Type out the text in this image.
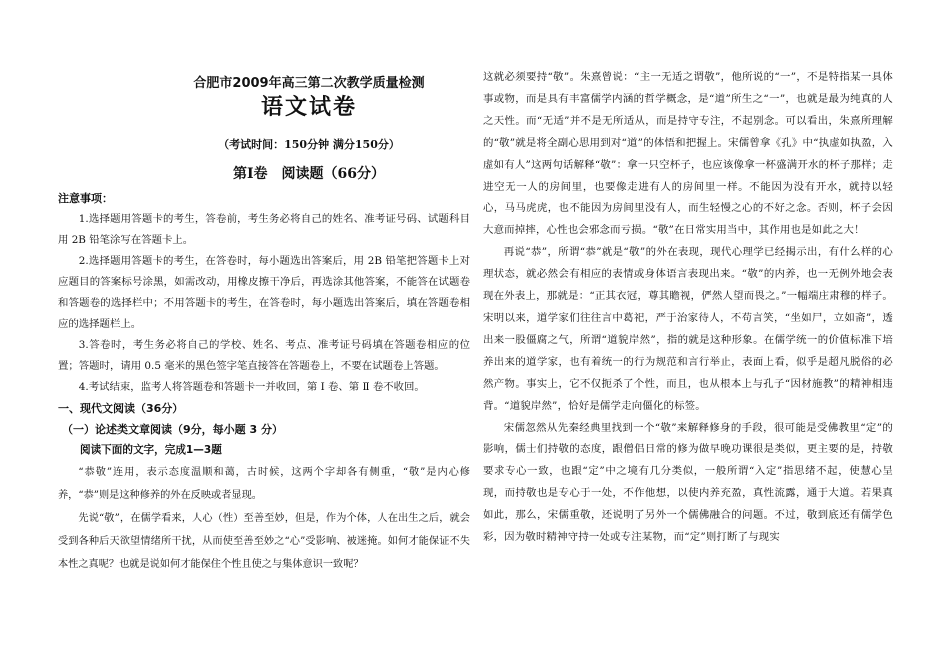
合肥市2009年高三第二次教学质量检测
语文试卷
（考试时间：150分钟 满分150分）
第Ⅰ卷　阅读题（66分）
注意事项：

1.选择题用答题卡的考生，答卷前，考生务必将自己的姓名、准考证号码、试题科目用 2B 铅笔涂写在答题卡上。

2.选择题用答题卡的考生，在答卷时，每小题选出答案后，用 2B 铅笔把答题卡上对应题目的答案标号涂黑，如需改动，用橡皮擦干净后，再选涂其他答案，不能答在试题卷和答题卷的选择栏中；不用答题卡的考生，在答卷时，每小题选出答案后，填在答题卷相应的选择题栏上。

3.答卷时，考生务必将自己的学校、姓名、考点、准考证号码填在答题卷相应的位置；答题时，请用 0.5 毫米的黑色签字笔直接答在答题卷上，不要在试题卷上答题。

4.考试结束，监考人将答题卷和答题卡一并收回，第 Ⅰ 卷、第 Ⅱ 卷不收回。

一、现代文阅读（36分）

（一）论述类文章阅读（9分，每小题 3 分）

阅读下面的文字，完成1—3题

“恭敬”连用，表示态度温顺和蔼，古时候，这两个字却各有侧重，“敬”是内心修养，“恭”则是这种修养的外在反映或者显现。

先说“敬”，在儒学看来，人心（性）至善至妙，但是，作为个体，人在出生之后，就会受到各种后天欲望情绪所干扰，从而使至善至妙之“心”受影响、被迷掩。如何才能保证不失本性之真呢？也就是说如何才能保住个性且使之与集体意识一致呢？

这就必须要持“敬”。朱熹曾说：“主一无适之谓敬”，他所说的“一”，不是特指某一具体事或物，而是具有丰富儒学内涵的哲学概念，是“道”所生之“一”，也就是最为纯真的人之天性。而“无适”并不是无所适从，而是持守专注，不起别念。可以看出，朱熹所理解的“敬”就是将全副心思用到对“道”的体悟和把握上。宋儒曾拿《孔》中“执虚如执盈，入虚如有人”这两句话解释“敬”：拿一只空杯子，也应该像拿一杯盛满开水的杯子那样；走进空无一人的房间里，也要像走进有人的房间里一样。不能因为没有开水，就持以轻心，马马虎虎，也不能因为房间里没有人，而生轻慢之心的不好之念。否则，杯子会因大意而掉摔，心性也会邪念而亏损。“敬”在日常实用当中，其作用也是如此之大！

再说“恭”，所谓“恭”就是“敬”的外在表现，现代心理学已经揭示出，有什么样的心理状态，就必然会有相应的表情或身体语言表现出来。“敬”的内养，也一无例外地会表现在外表上，那就是：“正其衣冠，尊其瞻视，俨然人望而畏之。”一幅端庄肃穆的样子。宋明以来，道学家们往往言中葛祀，严于治家待人，不苟言笑，“坐如尸，立如斋”，透出来一股僵腐之气，所谓“道貌岸然”，指的就是这种形象。在儒学统一的价值标准下培养出来的道学家，也有着统一的行为规范和言行举止，表面上看，似乎是超凡脱俗的必然产物。事实上，它不仅扼杀了个性，而且，也从根本上与孔子“因材施教”的精神相违背。“道貌岸然”，恰好是儒学走向僵化的标签。

宋儒忽然从先秦经典里找到一个“敬”来解释修身的手段，很可能是受佛教里“定”的影响，儒士们持敬的态度，跟僧侣日常的修为做早晚功课很是类似，更主要的是，持敬要求专心一致，也跟“定”中之境有几分类似，一般所谓“入定”指思绪不起，使慧心呈现，而持敬也是专心于一处，不作他想，以使内养充盈，真性流露，通于大道。若果真如此，那么，宋儒重敬，还说明了另外一个儒佛融合的问题。不过，敬到底还有儒学色彩，因为敬时精神守持一处或专注某物，而“定”则打断了与现实
